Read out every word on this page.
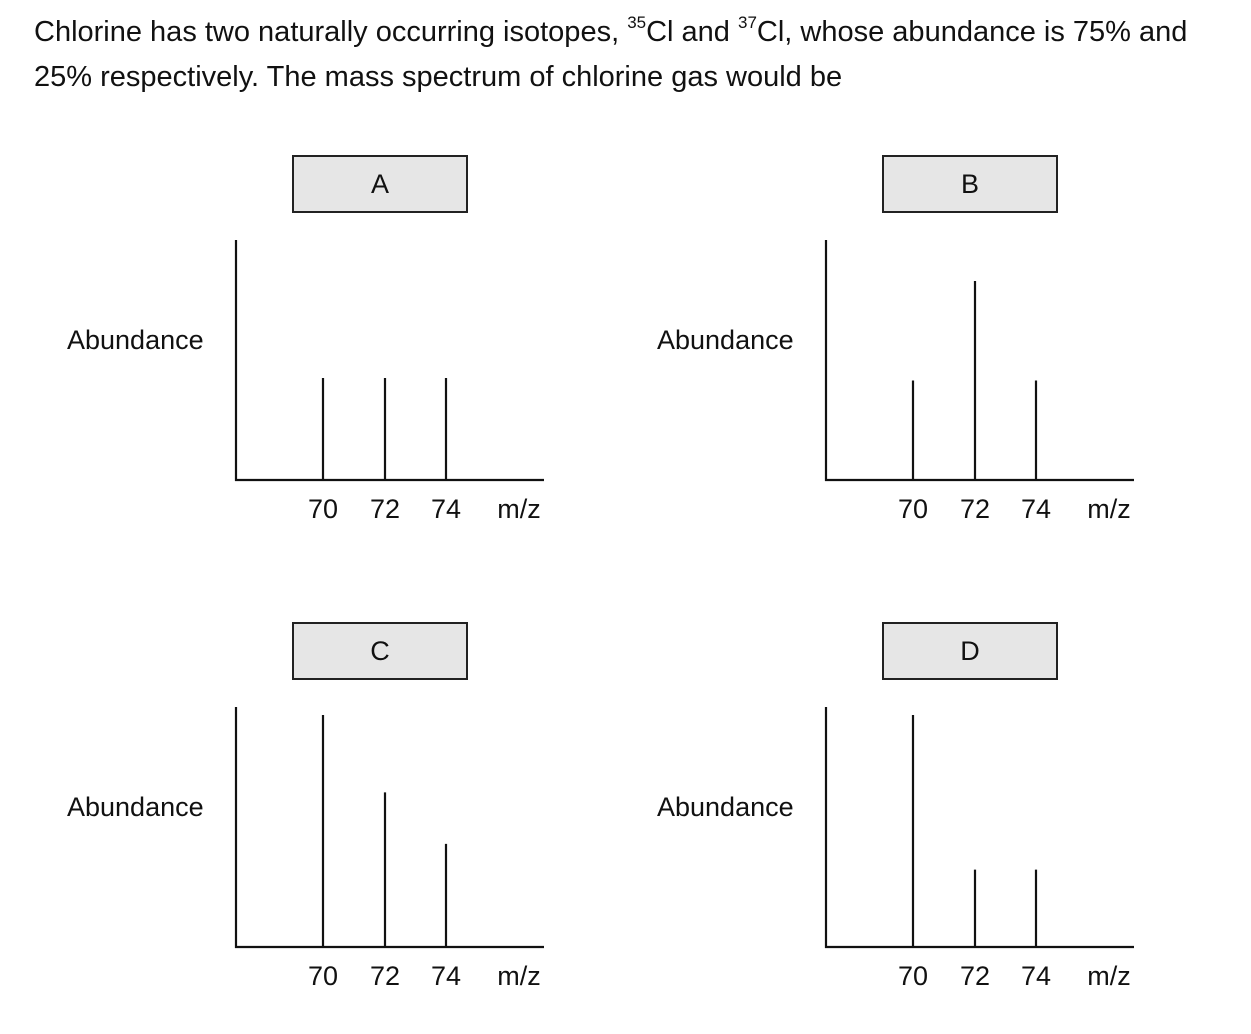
Chlorine has two naturally occurring isotopes, $^{35}$Cl and $^{37}$Cl, whose abundance is 75% and 25% respectively. The mass spectrum of chlorine gas would be

A
Abundance
70 72 74 m/z
B
Abundance
70 72 74 m/z
C
Abundance
70 72 74 m/z
D
Abundance
70 72 74 m/z
